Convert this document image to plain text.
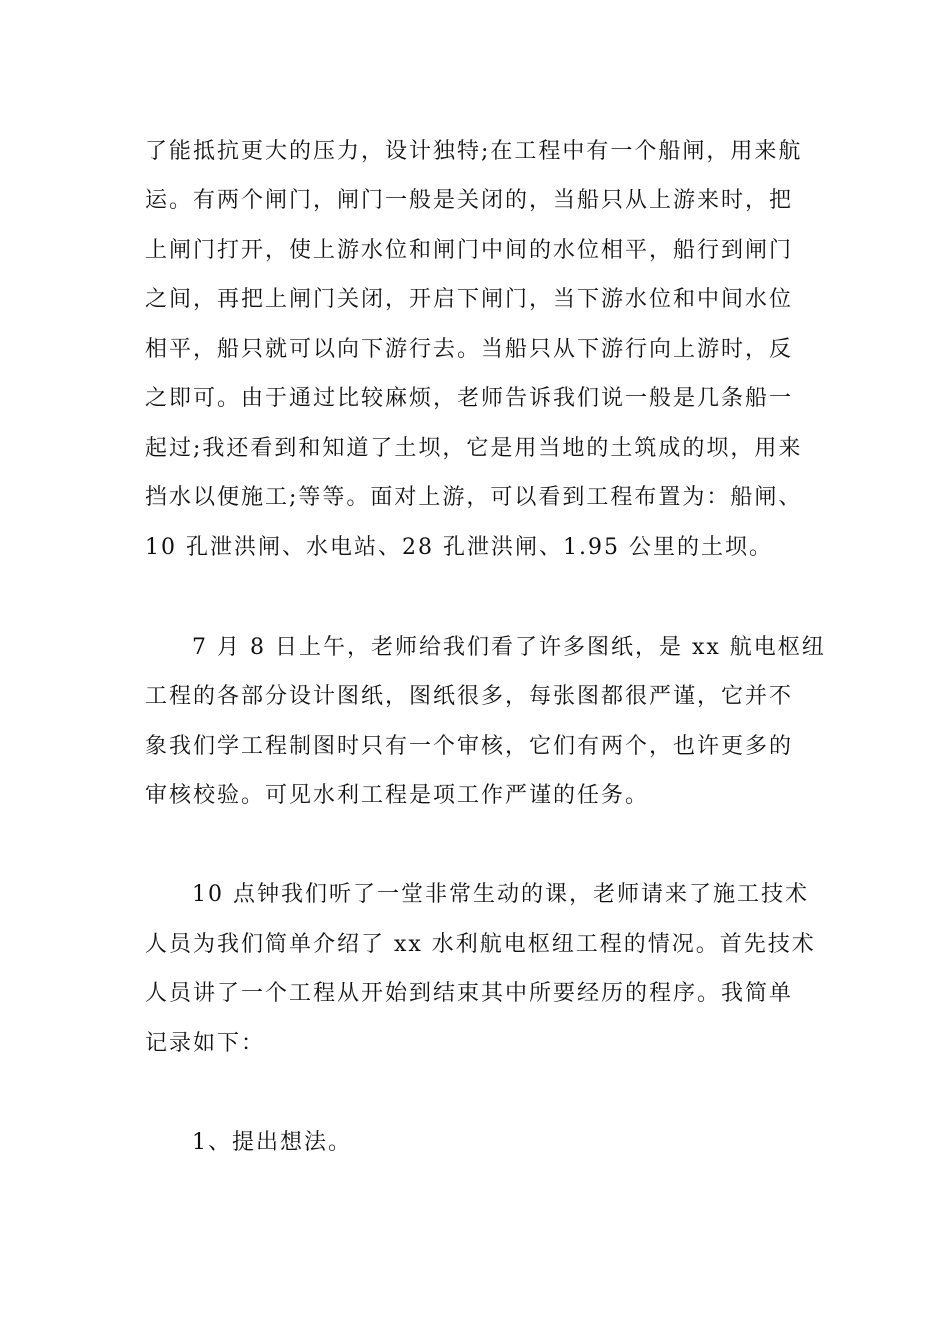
了能抵抗更大的压力，设计独特;在工程中有一个船闸，用来航
运。有两个闸门，闸门一般是关闭的，当船只从上游来时，把
上闸门打开，使上游水位和闸门中间的水位相平，船行到闸门
之间，再把上闸门关闭，开启下闸门，当下游水位和中间水位
相平，船只就可以向下游行去。当船只从下游行向上游时，反
之即可。由于通过比较麻烦，老师告诉我们说一般是几条船一
起过;我还看到和知道了土坝，它是用当地的土筑成的坝，用来
挡水以便施工;等等。面对上游，可以看到工程布置为：船闸、
10 孔泄洪闸、水电站、28 孔泄洪闸、1.95 公里的土坝。
7 月 8 日上午，老师给我们看了许多图纸，是 xx 航电枢纽
工程的各部分设计图纸，图纸很多，每张图都很严谨，它并不
象我们学工程制图时只有一个审核，它们有两个，也许更多的
审核校验。可见水利工程是项工作严谨的任务。
10 点钟我们听了一堂非常生动的课，老师请来了施工技术
人员为我们简单介绍了 xx 水利航电枢纽工程的情况。首先技术
人员讲了一个工程从开始到结束其中所要经历的程序。我简单
记录如下：
1、提出想法。
